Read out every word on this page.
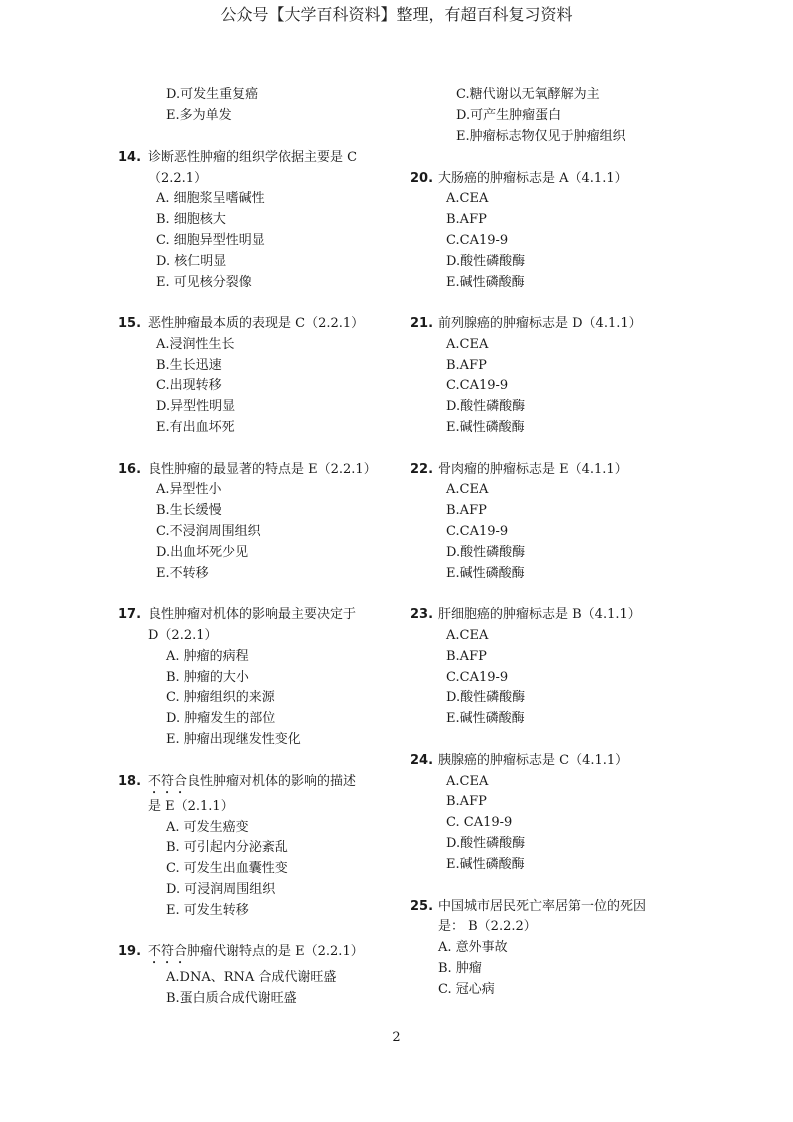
公众号【大学百科资料】整理，有超百科复习资料
D.可发生重复癌
E.多为单发
14. 诊断恶性肿瘤的组织学依据主要是 C
（2.2.1）
A. 细胞浆呈嗜碱性
B. 细胞核大
C. 细胞异型性明显
D. 核仁明显
E. 可见核分裂像
15. 恶性肿瘤最本质的表现是 C（2.2.1）
A.浸润性生长
B.生长迅速
C.出现转移
D.异型性明显
E.有出血坏死
16. 良性肿瘤的最显著的特点是 E（2.2.1）
A.异型性小
B.生长缓慢
C.不浸润周围组织
D.出血坏死少见
E.不转移
17. 良性肿瘤对机体的影响最主要决定于
D（2.2.1）
A. 肿瘤的病程
B. 肿瘤的大小
C. 肿瘤组织的来源
D. 肿瘤发生的部位
E. 肿瘤出现继发性变化
18. 不符合良性肿瘤对机体的影响的描述
是 E（2.1.1）
A. 可发生癌变
B. 可引起内分泌紊乱
C. 可发生出血囊性变
D. 可浸润周围组织
E. 可发生转移
19. 不符合肿瘤代谢特点的是 E（2.2.1）
A.DNA、RNA 合成代谢旺盛
B.蛋白质合成代谢旺盛
C.糖代谢以无氧酵解为主
D.可产生肿瘤蛋白
E.肿瘤标志物仅见于肿瘤组织
20. 大肠癌的肿瘤标志是 A（4.1.1）
A.CEA
B.AFP
C.CA19-9
D.酸性磷酸酶
E.碱性磷酸酶
21. 前列腺癌的肿瘤标志是 D（4.1.1）
A.CEA
B.AFP
C.CA19-9
D.酸性磷酸酶
E.碱性磷酸酶
22. 骨肉瘤的肿瘤标志是 E（4.1.1）
A.CEA
B.AFP
C.CA19-9
D.酸性磷酸酶
E.碱性磷酸酶
23. 肝细胞癌的肿瘤标志是 B（4.1.1）
A.CEA
B.AFP
C.CA19-9
D.酸性磷酸酶
E.碱性磷酸酶
24. 胰腺癌的肿瘤标志是 C（4.1.1）
A.CEA
B.AFP
C. CA19-9
D.酸性磷酸酶
E.碱性磷酸酶
25. 中国城市居民死亡率居第一位的死因
是： B（2.2.2）
A. 意外事故
B. 肿瘤
C. 冠心病
2
